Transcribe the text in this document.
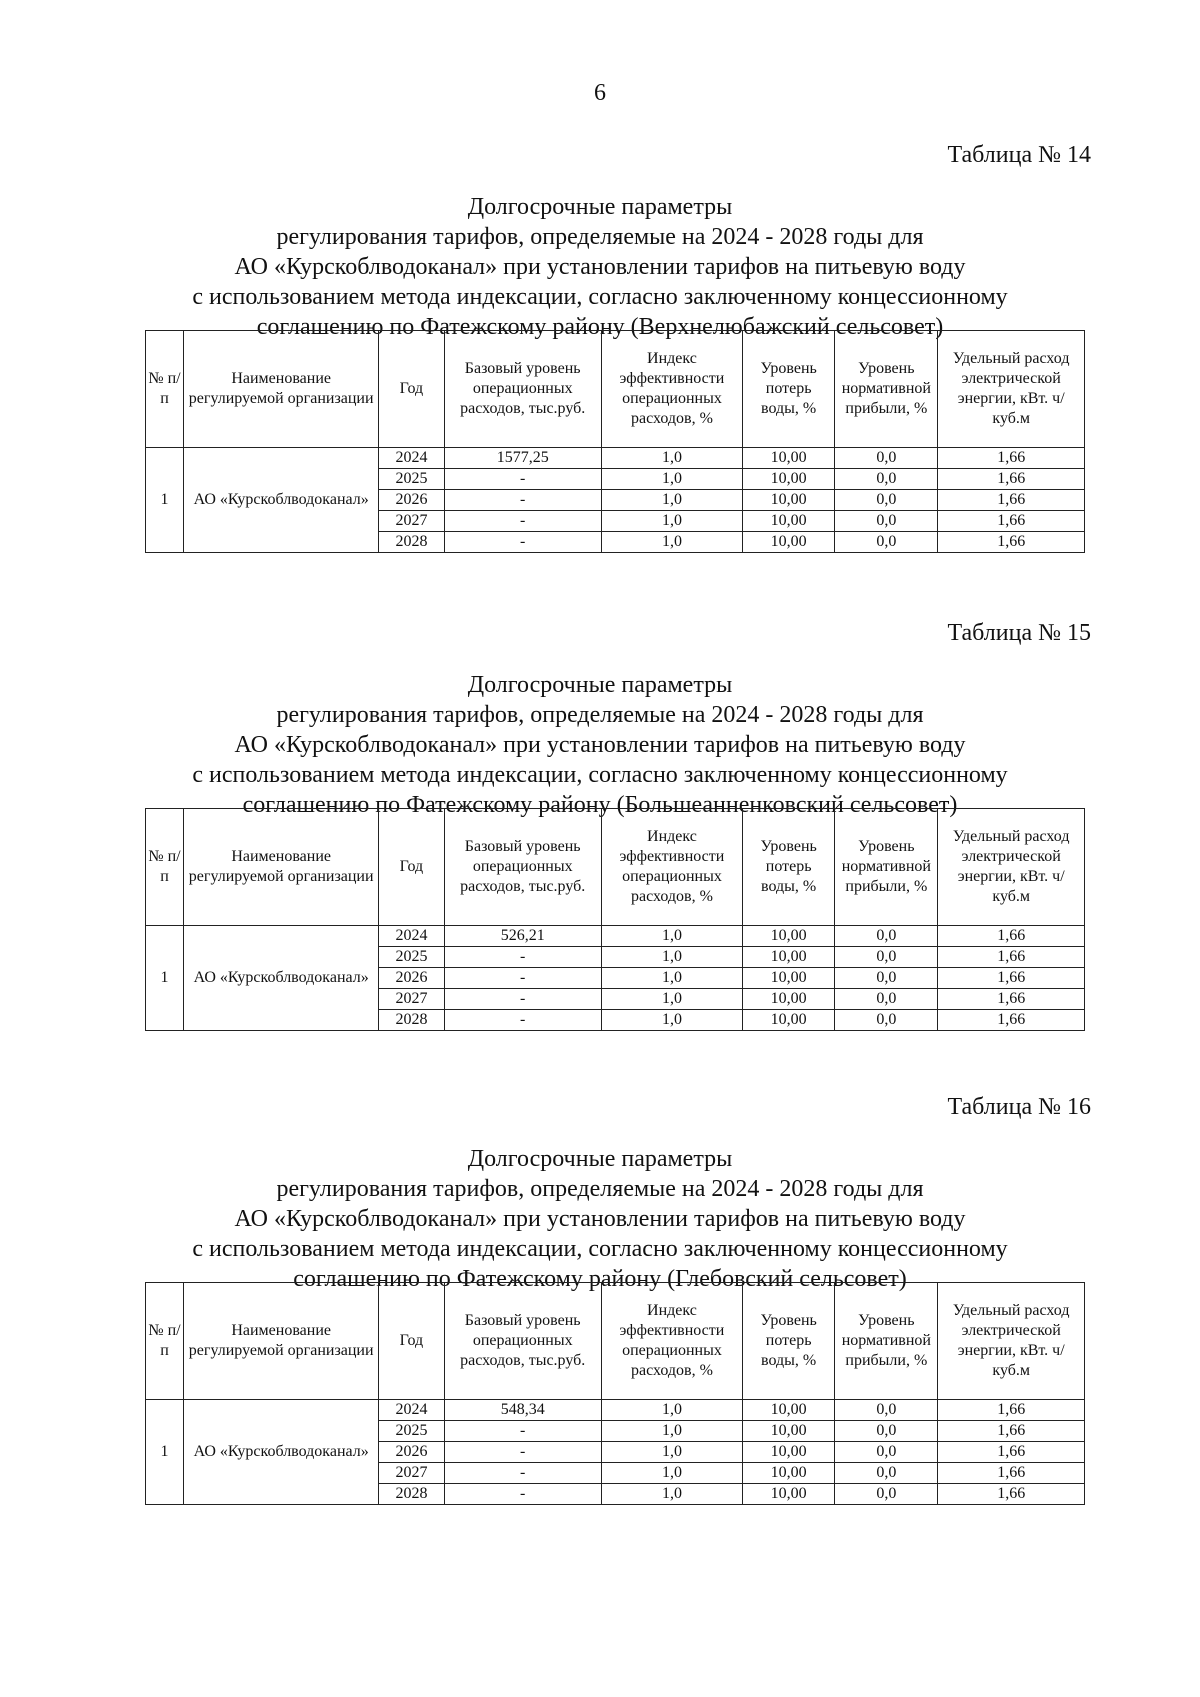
6
Таблица № 14
Долгосрочные параметры
регулирования тарифов, определяемые на 2024 - 2028 годы для
АО «Курскоблводоканал» при установлении тарифов на питьевую воду
с использованием метода индексации, согласно заключенному концессионному
соглашению по Фатежскому району (Верхнелюбажский сельсовет)
№ п/п	Наименование регулируемой организации	Год	Базовый уровень операционных расходов, тыс.руб.	Индекс эффективности операционных расходов, %	Уровень потерь воды, %	Уровень нормативной прибыли, %	Удельный расход электрической энергии, кВт. ч/куб.м
1	АО «Курскоблводоканал»	2024	1577,25	1,0	10,00	0,0	1,66
		2025	-	1,0	10,00	0,0	1,66
		2026	-	1,0	10,00	0,0	1,66
		2027	-	1,0	10,00	0,0	1,66
		2028	-	1,0	10,00	0,0	1,66
Таблица № 15
Долгосрочные параметры
регулирования тарифов, определяемые на 2024 - 2028 годы для
АО «Курскоблводоканал» при установлении тарифов на питьевую воду
с использованием метода индексации, согласно заключенному концессионному
соглашению по Фатежскому району (Большеанненковский сельсовет)
№ п/п	Наименование регулируемой организации	Год	Базовый уровень операционных расходов, тыс.руб.	Индекс эффективности операционных расходов, %	Уровень потерь воды, %	Уровень нормативной прибыли, %	Удельный расход электрической энергии, кВт. ч/куб.м
1	АО «Курскоблводоканал»	2024	526,21	1,0	10,00	0,0	1,66
		2025	-	1,0	10,00	0,0	1,66
		2026	-	1,0	10,00	0,0	1,66
		2027	-	1,0	10,00	0,0	1,66
		2028	-	1,0	10,00	0,0	1,66
Таблица № 16
Долгосрочные параметры
регулирования тарифов, определяемые на 2024 - 2028 годы для
АО «Курскоблводоканал» при установлении тарифов на питьевую воду
с использованием метода индексации, согласно заключенному концессионному
соглашению по Фатежскому району (Глебовский сельсовет)
№ п/п	Наименование регулируемой организации	Год	Базовый уровень операционных расходов, тыс.руб.	Индекс эффективности операционных расходов, %	Уровень потерь воды, %	Уровень нормативной прибыли, %	Удельный расход электрической энергии, кВт. ч/куб.м
1	АО «Курскоблводоканал»	2024	548,34	1,0	10,00	0,0	1,66
		2025	-	1,0	10,00	0,0	1,66
		2026	-	1,0	10,00	0,0	1,66
		2027	-	1,0	10,00	0,0	1,66
		2028	-	1,0	10,00	0,0	1,66
